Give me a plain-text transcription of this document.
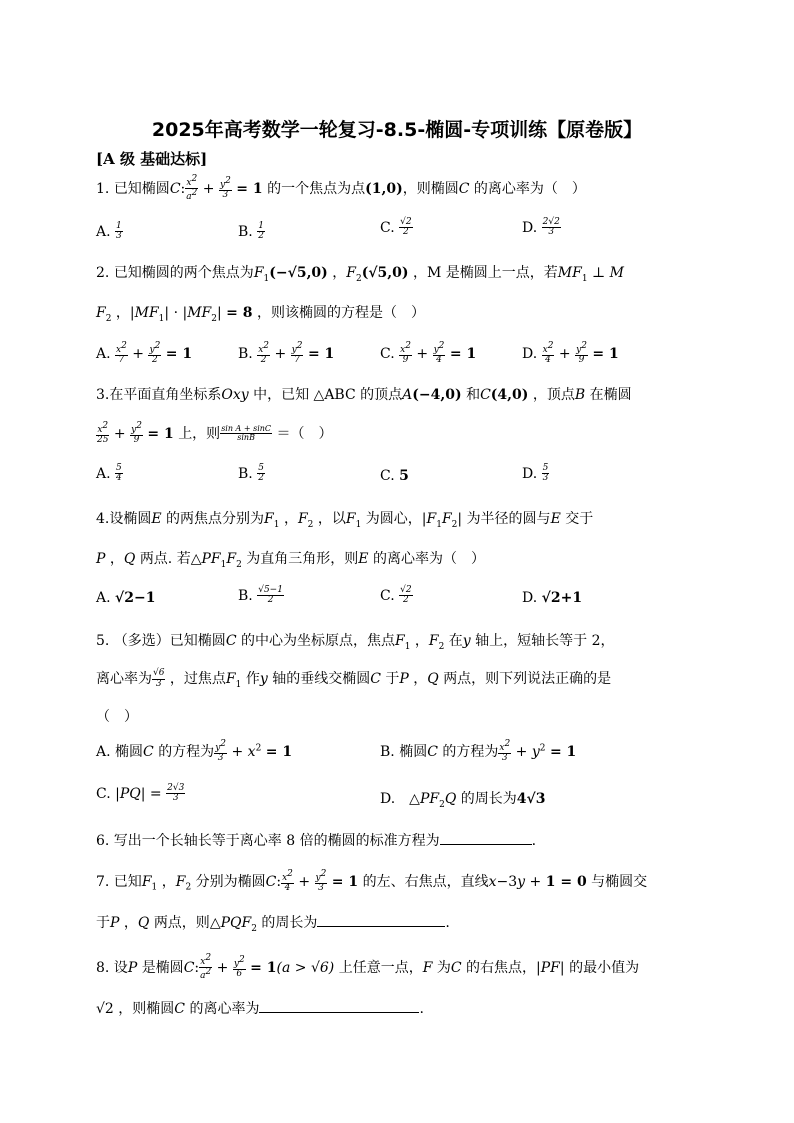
2025年高考数学一轮复习-8.5-椭圆-专项训练【原卷版】
[A 级 基础达标]
1. 已知椭圆C: $\frac{x^2}{a^2} + \frac{y^2}{3} = 1$ 的一个焦点为点(1,0)，则椭圆C 的离心率为（　）
A. $\frac{1}{3}$	B. $\frac{1}{2}$	C. $\frac{√2}{2}$	D. $\frac{2√2}{3}$
2. 已知椭圆的两个焦点为$F_1(-√5,0)$ ，$F_2(√5,0)$ ，M 是椭圆上一点，若$MF_1$ ⊥ M
$F_2$ ，$|MF_1| \cdot |MF_2| = 8$ ，则该椭圆的方程是（　）
A. $\frac{x^2}{7} + \frac{y^2}{2} = 1$	B. $\frac{x^2}{2} + \frac{y^2}{7} = 1$	C. $\frac{x^2}{9} + \frac{y^2}{4} = 1$	D. $\frac{x^2}{4} + \frac{y^2}{9} = 1$
3.在平面直角坐标系Oxy 中，已知 △ABC 的顶点A(−4,0) 和C(4,0) ，顶点B 在椭圆
$\frac{x^2}{25} + \frac{y^2}{9} = 1$ 上，则 $\frac{\text{sin A + sinC}}{\sin B}$ ＝（　）
A. $\frac{5}{4}$	B. $\frac{5}{2}$	C. 5	D. $\frac{5}{3}$
4.设椭圆E 的两焦点分别为$F_1$ ，$F_2$ ，以$F_1$ 为圆心，$|F_1F_2|$ 为半径的圆与E 交于
P ，Q 两点. 若$\triangle PF_1F_2$ 为直角三角形，则E 的离心率为（　）
A. √2−1	B. $\frac{√5-1}{2}$	C. $\frac{√2}{2}$	D. √2+1
5. （多选）已知椭圆C 的中心为坐标原点，焦点$F_1$ ，$F_2$ 在y 轴上，短轴长等于 2，
离心率为 $\frac{√6}{3}$ ，过焦点$F_1$ 作y 轴的垂线交椭圆C 于P ，Q 两点，则下列说法正确的是
（　）
A. 椭圆C 的方程为 $\frac{y^2}{3} + x^2 = 1$	B. 椭圆C 的方程为 $\frac{x^2}{3} + y^2 = 1$
C. $|PQ| = \frac{2√3}{3}$	D.　$\triangle PF_2Q$ 的周长为4√3
6. 写出一个长轴长等于离心率 8 倍的椭圆的标准方程为	.
7. 已知$F_1$ ，$F_2$ 分别为椭圆C: $\frac{x^2}{4} + \frac{y^2}{3} = 1$ 的左、右焦点，直线x−3y + 1 = 0 与椭圆交
于P ，Q 两点，则$\triangle PQF_2$ 的周长为	.
8. 设P 是椭圆C: $\frac{x^2}{a^2} + \frac{y^2}{6} = 1(a > √6)$ 上任意一点，F 为C 的右焦点，|PF| 的最小值为
√2 ，则椭圆C 的离心率为	.
